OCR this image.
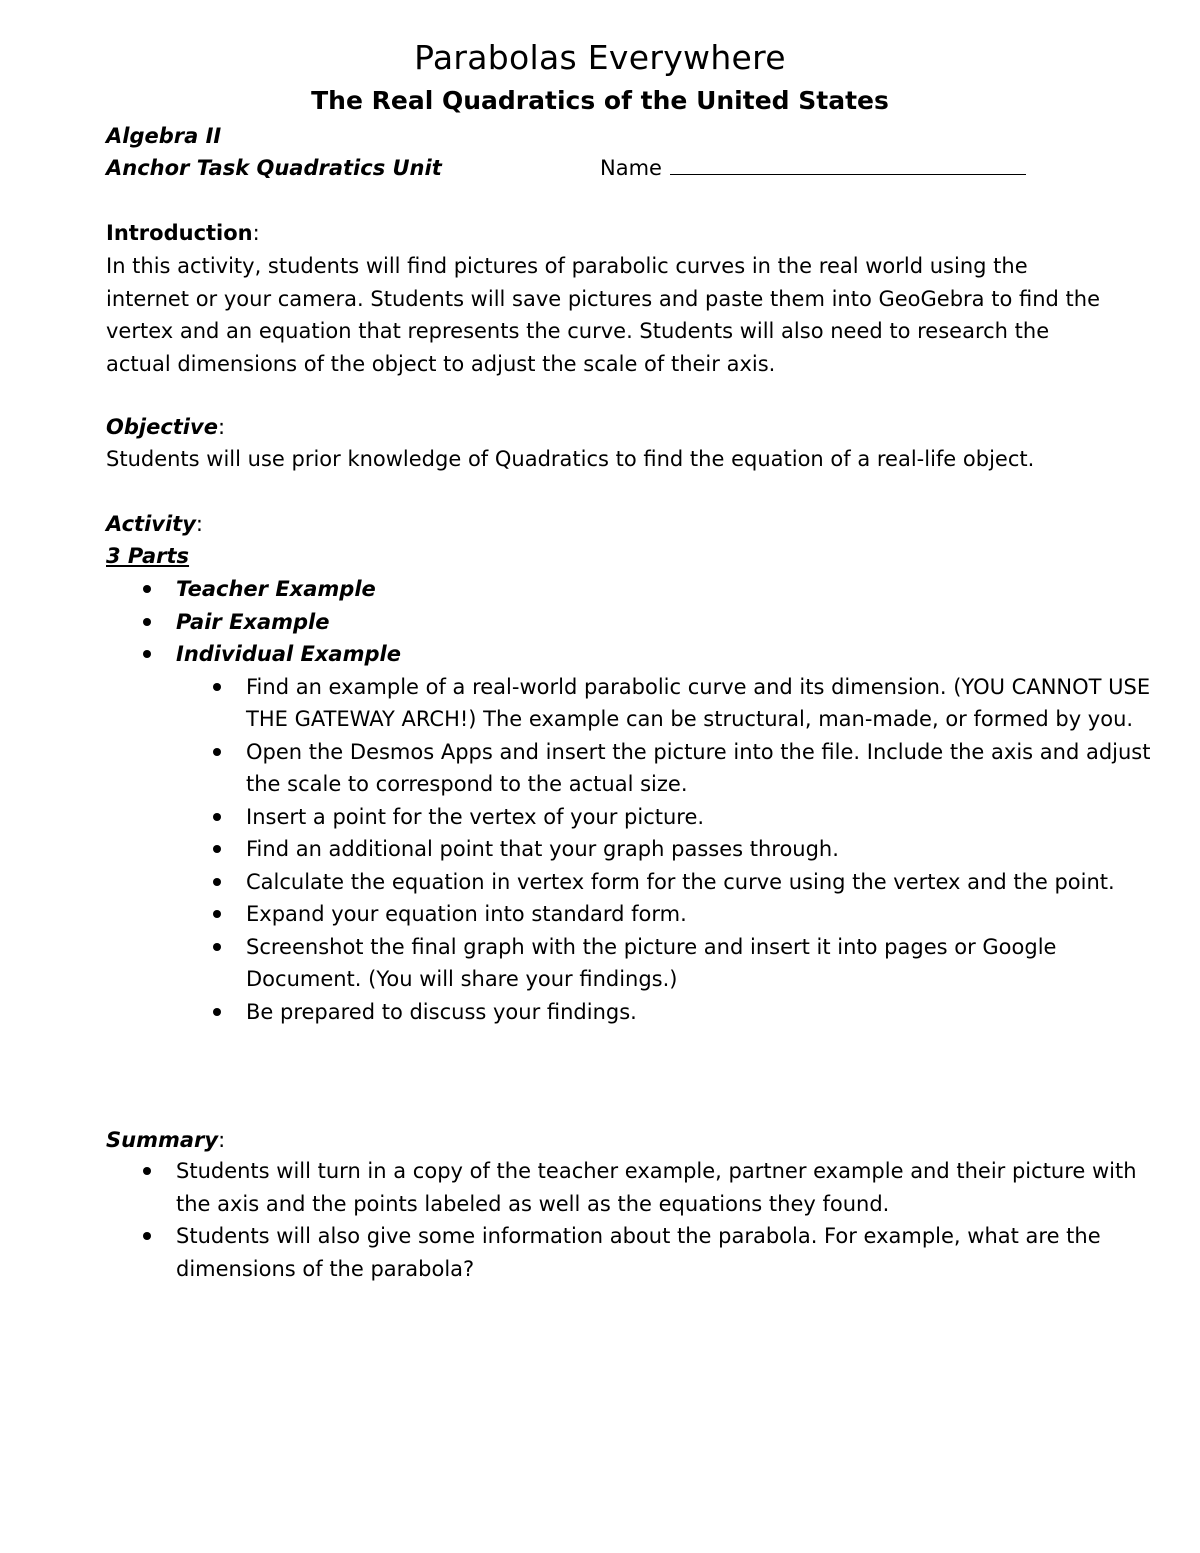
Parabolas Everywhere
The Real Quadratics of the United States
Algebra II
Anchor Task Quadratics Unit	Name
Introduction:
In this activity, students will find pictures of parabolic curves in the real world using the internet or your camera. Students will save pictures and paste them into GeoGebra to find the vertex and an equation that represents the curve. Students will also need to research the actual dimensions of the object to adjust the scale of their axis.
Objective:
Students will use prior knowledge of Quadratics to find the equation of a real-life object.
Activity:
3 Parts
Teacher Example
Pair Example
Individual Example
Find an example of a real-world parabolic curve and its dimension. (YOU CANNOT USE THE GATEWAY ARCH!) The example can be structural, man-made, or formed by you.
Open the Desmos Apps and insert the picture into the file. Include the axis and adjust the scale to correspond to the actual size.
Insert a point for the vertex of your picture.
Find an additional point that your graph passes through.
Calculate the equation in vertex form for the curve using the vertex and the point.
Expand your equation into standard form.
Screenshot the final graph with the picture and insert it into pages or Google Document. (You will share your findings.)
Be prepared to discuss your findings.
Summary:
Students will turn in a copy of the teacher example, partner example and their picture with the axis and the points labeled as well as the equations they found.
Students will also give some information about the parabola. For example, what are the dimensions of the parabola?
